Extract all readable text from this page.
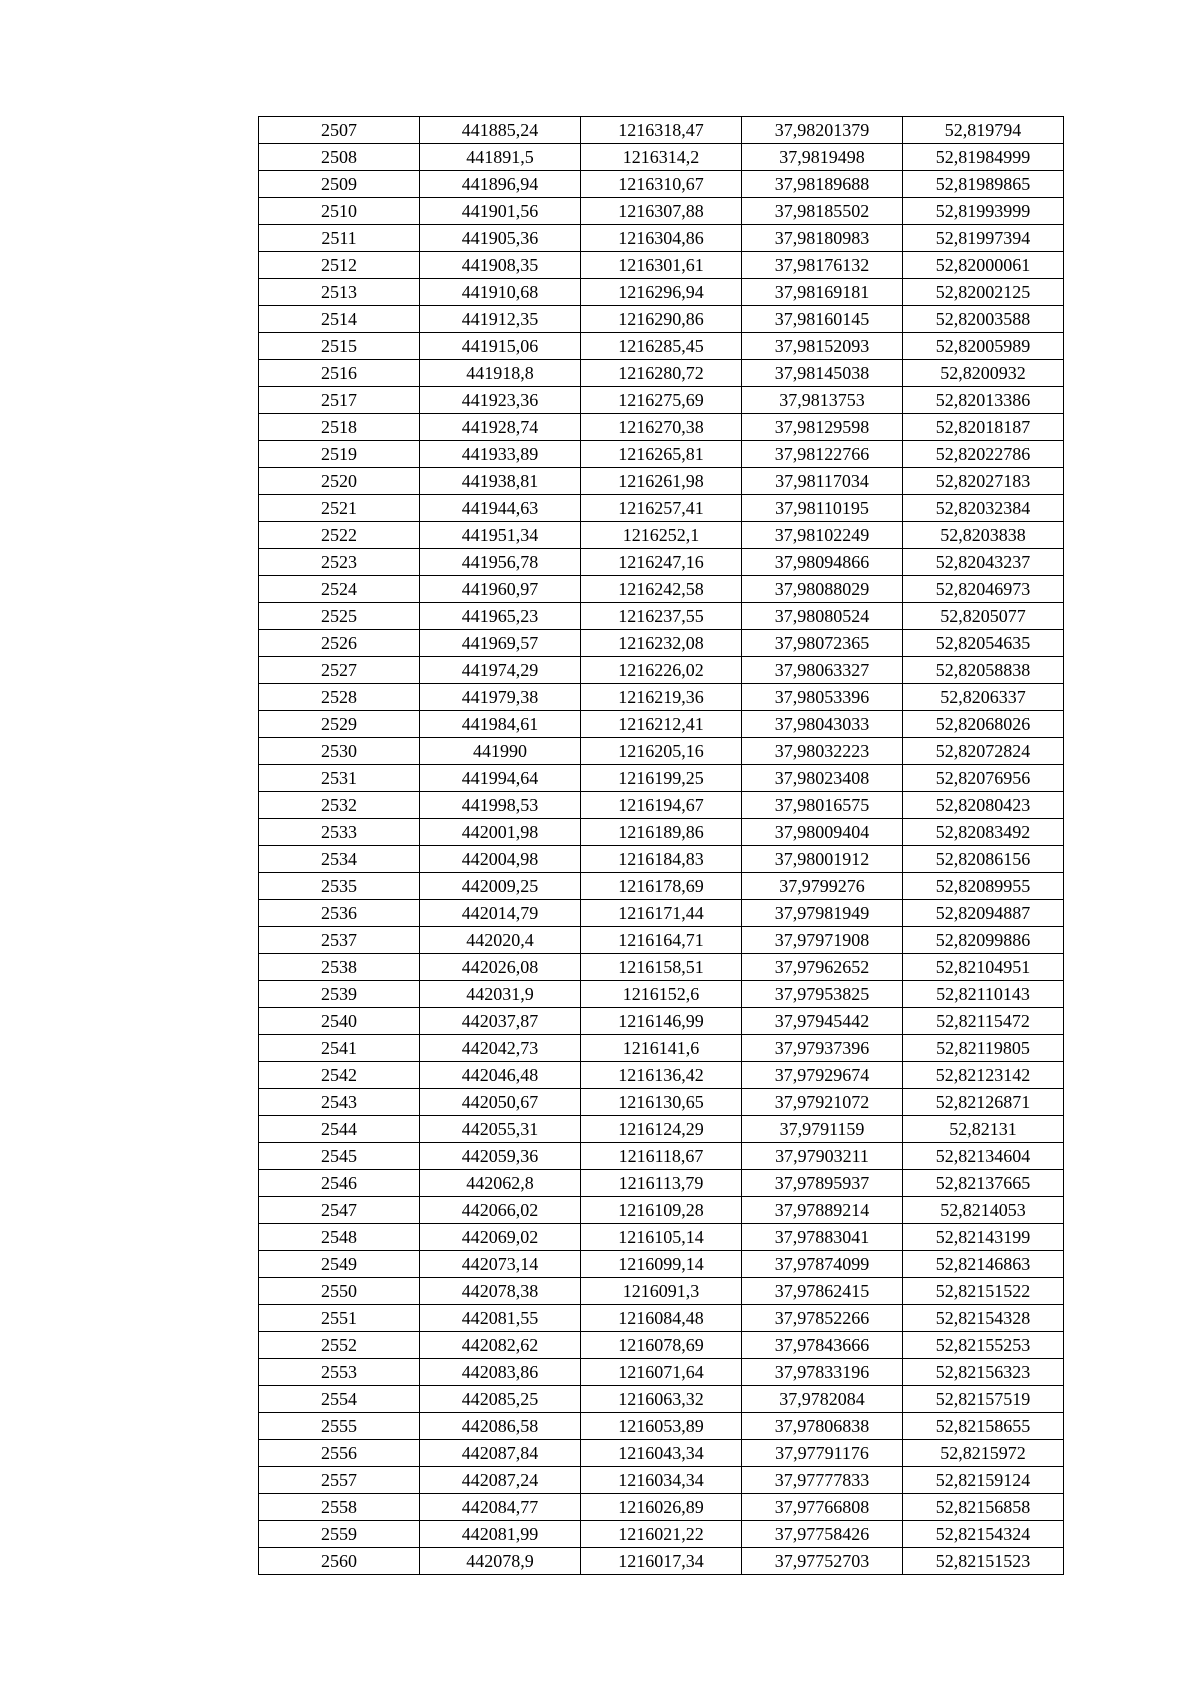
2507	441885,24	1216318,47	37,98201379	52,819794
2508	441891,5	1216314,2	37,9819498	52,81984999
2509	441896,94	1216310,67	37,98189688	52,81989865
2510	441901,56	1216307,88	37,98185502	52,81993999
2511	441905,36	1216304,86	37,98180983	52,81997394
2512	441908,35	1216301,61	37,98176132	52,82000061
2513	441910,68	1216296,94	37,98169181	52,82002125
2514	441912,35	1216290,86	37,98160145	52,82003588
2515	441915,06	1216285,45	37,98152093	52,82005989
2516	441918,8	1216280,72	37,98145038	52,8200932
2517	441923,36	1216275,69	37,9813753	52,82013386
2518	441928,74	1216270,38	37,98129598	52,82018187
2519	441933,89	1216265,81	37,98122766	52,82022786
2520	441938,81	1216261,98	37,98117034	52,82027183
2521	441944,63	1216257,41	37,98110195	52,82032384
2522	441951,34	1216252,1	37,98102249	52,8203838
2523	441956,78	1216247,16	37,98094866	52,82043237
2524	441960,97	1216242,58	37,98088029	52,82046973
2525	441965,23	1216237,55	37,98080524	52,8205077
2526	441969,57	1216232,08	37,98072365	52,82054635
2527	441974,29	1216226,02	37,98063327	52,82058838
2528	441979,38	1216219,36	37,98053396	52,8206337
2529	441984,61	1216212,41	37,98043033	52,82068026
2530	441990	1216205,16	37,98032223	52,82072824
2531	441994,64	1216199,25	37,98023408	52,82076956
2532	441998,53	1216194,67	37,98016575	52,82080423
2533	442001,98	1216189,86	37,98009404	52,82083492
2534	442004,98	1216184,83	37,98001912	52,82086156
2535	442009,25	1216178,69	37,9799276	52,82089955
2536	442014,79	1216171,44	37,97981949	52,82094887
2537	442020,4	1216164,71	37,97971908	52,82099886
2538	442026,08	1216158,51	37,97962652	52,82104951
2539	442031,9	1216152,6	37,97953825	52,82110143
2540	442037,87	1216146,99	37,97945442	52,82115472
2541	442042,73	1216141,6	37,97937396	52,82119805
2542	442046,48	1216136,42	37,97929674	52,82123142
2543	442050,67	1216130,65	37,97921072	52,82126871
2544	442055,31	1216124,29	37,9791159	52,82131
2545	442059,36	1216118,67	37,97903211	52,82134604
2546	442062,8	1216113,79	37,97895937	52,82137665
2547	442066,02	1216109,28	37,97889214	52,8214053
2548	442069,02	1216105,14	37,97883041	52,82143199
2549	442073,14	1216099,14	37,97874099	52,82146863
2550	442078,38	1216091,3	37,97862415	52,82151522
2551	442081,55	1216084,48	37,97852266	52,82154328
2552	442082,62	1216078,69	37,97843666	52,82155253
2553	442083,86	1216071,64	37,97833196	52,82156323
2554	442085,25	1216063,32	37,9782084	52,82157519
2555	442086,58	1216053,89	37,97806838	52,82158655
2556	442087,84	1216043,34	37,97791176	52,8215972
2557	442087,24	1216034,34	37,97777833	52,82159124
2558	442084,77	1216026,89	37,97766808	52,82156858
2559	442081,99	1216021,22	37,97758426	52,82154324
2560	442078,9	1216017,34	37,97752703	52,82151523
